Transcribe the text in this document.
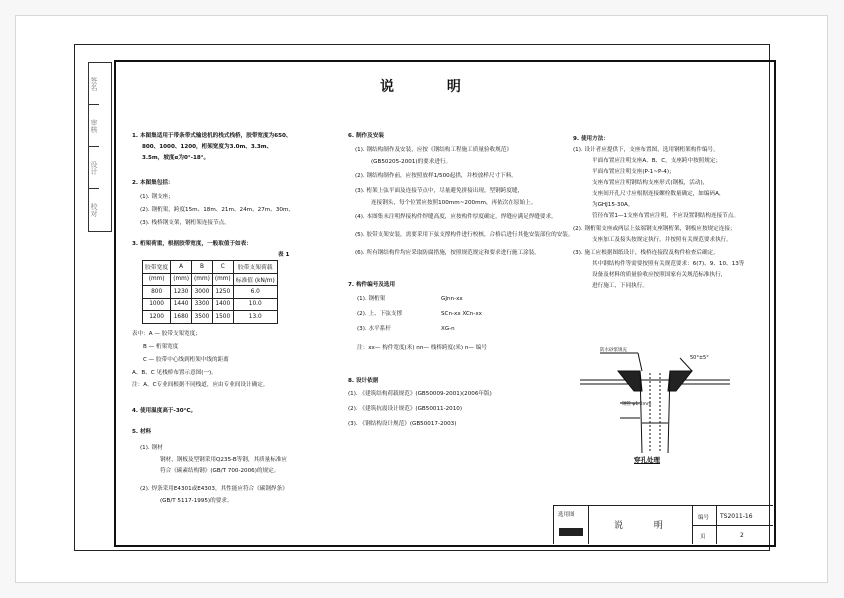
签名
审核
设计
校对
说 明
1. 本图集适用于带条带式输送机的栈式栈桥，胶带宽度为650、
800、1000、1200，桁架宽度为3.0m、3.3m、
3.5m，坡度α为0°-18°。
2. 本图集包括：
(1). 钢支座；
(2). 钢桁架，跨度15m、18m、21m、24m、27m、30m、
(3). 栈桥钢支架，钢桁架连接节点。
3. 桁架荷重，根据胶带宽度，一般取值于如表：
表 1
胶带宽度	A	B	C	胶带支架荷载
(mm)	(mm)	(mm)	(mm)	标准值 (kN/m)
800	1230	3000	1250	6.0
1000	1440	3300	1400	10.0
1200	1680	3500	1500	13.0
表中：A — 胶带支架宽度；
B — 桁架宽度
C — 胶带中心线到桁架中线的距离
A、B、C 见栈桥布置示意图(一)。
注：A、C专业间根据不同栈道，应由专业间设计确定。
4. 使用温度高于-30°C。
5. 材料
(1). 钢材
钢材，钢板及型钢采用Q235-B等钢，其质量标准应
符合《碳素结构钢》(GB/T 700-2006)的规定。
(2). 焊条采用E4301或E4303，其性能应符合《碳钢焊条》
(GB/T 5117-1995)的要求。
6. 制作及安装
(1). 钢结构制作及安装，应按《钢结构工程施工质量验收规范》
(GB50205-2001)的要求进行。
(2). 钢结构制作前，应按照放样1/500起拱，并校放样尺寸下料。
(3). 桁架上弦平面及连接节点中，尽量避免拼接出现，型钢跨度缝，
连接钢头，每个位置应按照100mm~200mm，再依次在原始上。
(4). 本图集未注明焊接构件焊缝高度，应按构件厚度确定，焊缝应满足焊缝要求。
(5). 胶带支架安装，需要采用下弦支撑构件进行校核，合格后进行其他安装部位的安装。
(6). 所有钢结构件均应采取防腐措施，按照规范规定和要求进行施工涂装。
7. 构件编号及选用
(1). 钢桁架	GJnn-xx
(2). 上、下弦支撑	SCn-xx XCn-xx
(3). 水平系杆	XG-n
注：xx— 构件宽度(米) nn— 栈桥跨度(米) n— 编号
8. 设计依据
(1). 《建筑结构荷载规范》(GB50009-2001)(2006年版)
(2). 《建筑抗震设计规范》(GB50011-2010)
(3). 《钢结构设计规范》(GB50017-2003)
9. 使用方法：
(1). 设计者应提供下，支座布置图，选用钢桁架构件编号，
平面布置应注明支座A、B、C，支座跨中按照规定；
平面布置应注明支座(P-1~P-4)；
支座布置应注明钢结构支座形式(钢板，活动)，
支座间开孔尺寸应根据连接螺栓数量确定，如编码A，
为GHJ15-30A。
管径布置1—1支座布置应注明，不应设置钢结构连接节点。
(2). 钢桁架支座或两层上弦端钢支座钢桁架，钢板应按规定连接；
支座加工及接头按规定执行，并按照有关规范要求执行。
(3). 施工应根据图纸设计，栈桥连接段及构件检查后确定，
其中钢结构件等需要按照有关规范要求：6(7)、9、10、13等
设备及材料的质量验收应按照国家有关规范标准执行，
进行施工，下同执行。
防水砂浆填充
钢管 φ1.2mm
50°±5°
穿孔处理
选用图
说 明
编号 TS2011-16
页	2
